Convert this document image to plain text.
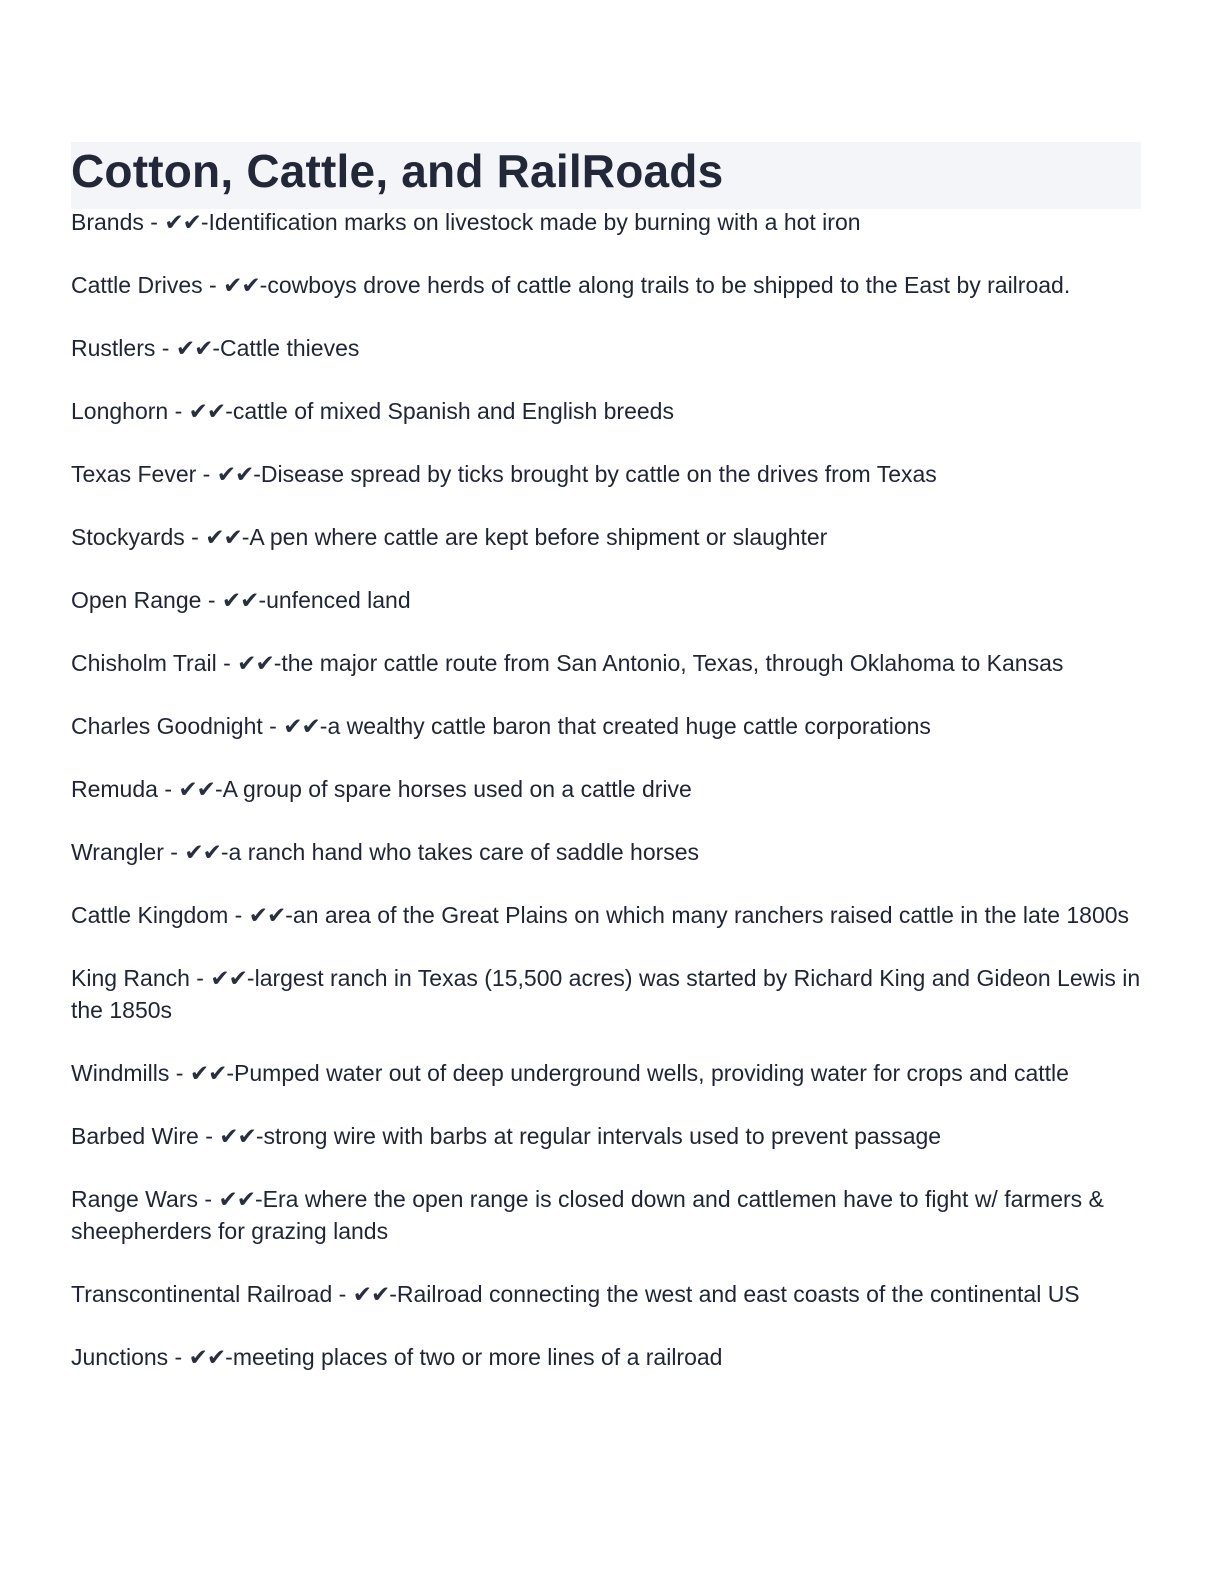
Cotton, Cattle, and RailRoads
Brands - ✔✔-Identification marks on livestock made by burning with a hot iron
Cattle Drives - ✔✔-cowboys drove herds of cattle along trails to be shipped to the East by railroad.
Rustlers - ✔✔-Cattle thieves
Longhorn - ✔✔-cattle of mixed Spanish and English breeds
Texas Fever - ✔✔-Disease spread by ticks brought by cattle on the drives from Texas
Stockyards - ✔✔-A pen where cattle are kept before shipment or slaughter
Open Range - ✔✔-unfenced land
Chisholm Trail - ✔✔-the major cattle route from San Antonio, Texas, through Oklahoma to Kansas
Charles Goodnight - ✔✔-a wealthy cattle baron that created huge cattle corporations
Remuda - ✔✔-A group of spare horses used on a cattle drive
Wrangler - ✔✔-a ranch hand who takes care of saddle horses
Cattle Kingdom - ✔✔-an area of the Great Plains on which many ranchers raised cattle in the late 1800s
King Ranch - ✔✔-largest ranch in Texas (15,500 acres) was started by Richard King and Gideon Lewis in the 1850s
Windmills - ✔✔-Pumped water out of deep underground wells, providing water for crops and cattle
Barbed Wire - ✔✔-strong wire with barbs at regular intervals used to prevent passage
Range Wars - ✔✔-Era where the open range is closed down and cattlemen have to fight w/ farmers & sheepherders for grazing lands
Transcontinental Railroad - ✔✔-Railroad connecting the west and east coasts of the continental US
Junctions - ✔✔-meeting places of two or more lines of a railroad
